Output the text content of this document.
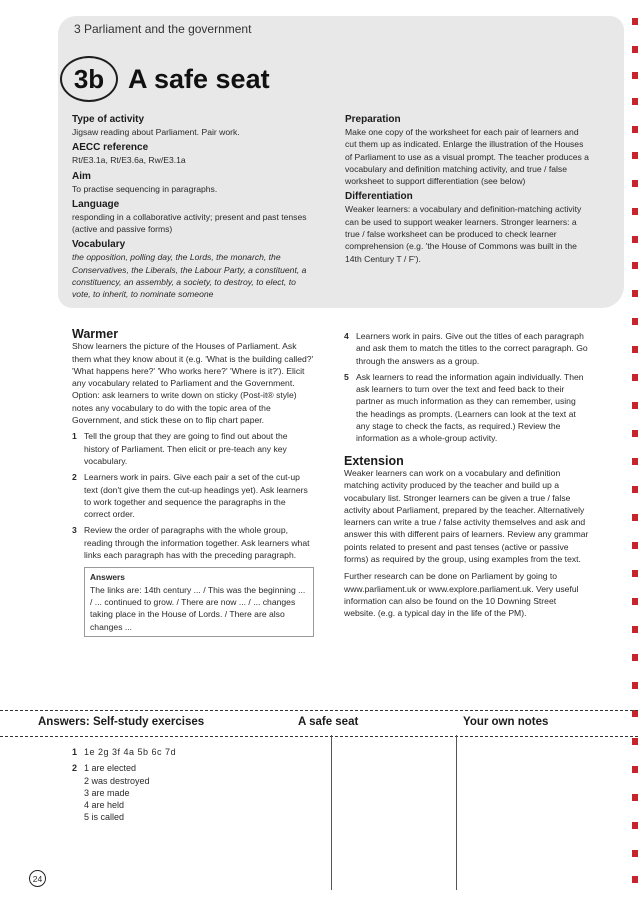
3 Parliament and the government
3b A safe seat

Type of activity

Jigsaw reading about Parliament. Pair work.

AECC reference

Rt/E3.1a, Rt/E3.6a, Rw/E3.1a

Aim

To practise sequencing in paragraphs.

Language

responding in a collaborative activity; present and past tenses (active and passive forms)

Vocabulary

the opposition, polling day, the Lords, the monarch, the Conservatives, the Liberals, the Labour Party, a constituent, a constituency, an assembly, a society, to destroy, to elect, to vote, to inherit, to nominate someone

Preparation

Make one copy of the worksheet for each pair of learners and cut them up as indicated. Enlarge the illustration of the Houses of Parliament to use as a visual prompt. The teacher produces a vocabulary and definition matching activity, and true / false worksheet to support differentiation (see below)

Differentiation

Weaker learners: a vocabulary and definition-matching activity can be used to support weaker learners. Stronger learners: a true / false worksheet can be produced to check learner comprehension (e.g. 'the House of Commons was built in the 14th Century T / F').

Warmer

Show learners the picture of the Houses of Parliament. Ask them what they know about it (e.g. 'What is the building called?' 'What happens here?' 'Who works here?' 'Where is it?'). Elicit any vocabulary related to Parliament and the Government. Option: ask learners to write down on sticky (Post-it® style) notes any vocabulary to do with the topic area of the Government, and stick these on to flip chart paper.

1 Tell the group that they are going to find out about the history of Parliament. Then elicit or pre-teach any key vocabulary.
2 Learners work in pairs. Give each pair a set of the cut-up text (don't give them the cut-up headings yet). Ask learners to work together and sequence the paragraphs in the correct order.
3 Review the order of paragraphs with the whole group, reading through the information together. Ask learners what links each paragraph has with the preceding paragraph.

Answers

The links are: 14th century ... / This was the beginning ... / ... continued to grow. / There are now ... / ... changes taking place in the House of Lords. / There are also changes ...

4 Learners work in pairs. Give out the titles of each paragraph and ask them to match the titles to the correct paragraph. Go through the answers as a group.
5 Ask learners to read the information again individually. Then ask learners to turn over the text and feed back to their partner as much information as they can remember, using the headings as prompts. (Learners can look at the text at any stage to check the facts, as required.) Review the information as a whole-group activity.

Extension

Weaker learners can work on a vocabulary and definition matching activity produced by the teacher and build up a vocabulary list. Stronger learners can be given a true / false activity about Parliament, prepared by the teacher. Alternatively learners can write a true / false activity themselves and ask and answer this with different pairs of learners. Review any grammar points related to present and past tenses (active or passive forms) as required by the group, using examples from the text.

Further research can be done on Parliament by going to www.parliament.uk or www.explore.parliament.uk. Very useful information can also be found on the 10 Downing Street website. (e.g. a typical day in the life of the PM).

Answers: Self-study exercises	A safe seat	Your own notes
1 1e 2g 3f 4a 5b 6c 7d
2 1 are elected
2 was destroyed
3 are made
4 are held
5 is called
24
